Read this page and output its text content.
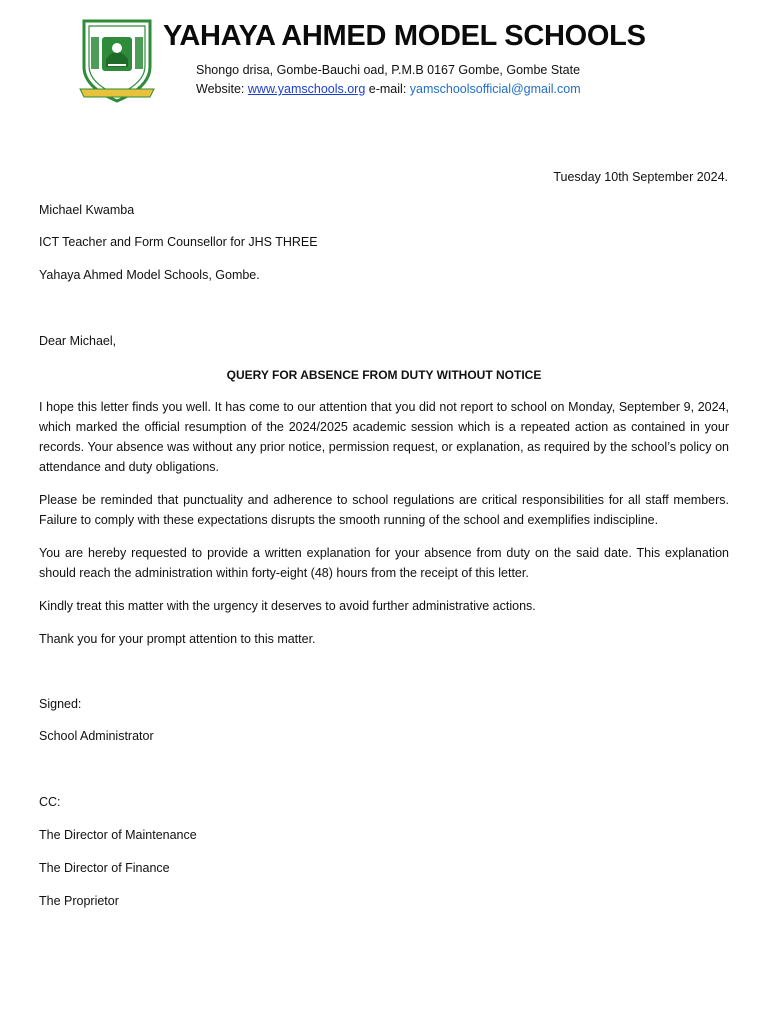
YAHAYA AHMED MODEL SCHOOLS
Shongo drisa, Gombe-Bauchi oad, P.M.B 0167 Gombe, Gombe State
Website: www.yamschools.org e-mail: yamschoolsofficial@gmail.com
Tuesday 10th September 2024.
Michael Kwamba
ICT Teacher and Form Counsellor for JHS THREE
Yahaya Ahmed Model Schools, Gombe.
Dear Michael,
QUERY FOR ABSENCE FROM DUTY WITHOUT NOTICE
I hope this letter finds you well. It has come to our attention that you did not report to school on Monday, September 9, 2024, which marked the official resumption of the 2024/2025 academic session which is a repeated action as contained in your records. Your absence was without any prior notice, permission request, or explanation, as required by the school’s policy on attendance and duty obligations.
Please be reminded that punctuality and adherence to school regulations are critical responsibilities for all staff members. Failure to comply with these expectations disrupts the smooth running of the school and exemplifies indiscipline.
You are hereby requested to provide a written explanation for your absence from duty on the said date. This explanation should reach the administration within forty-eight (48) hours from the receipt of this letter.
Kindly treat this matter with the urgency it deserves to avoid further administrative actions.
Thank you for your prompt attention to this matter.
Signed:
School Administrator
CC:
The Director of Maintenance
The Director of Finance
The Proprietor
